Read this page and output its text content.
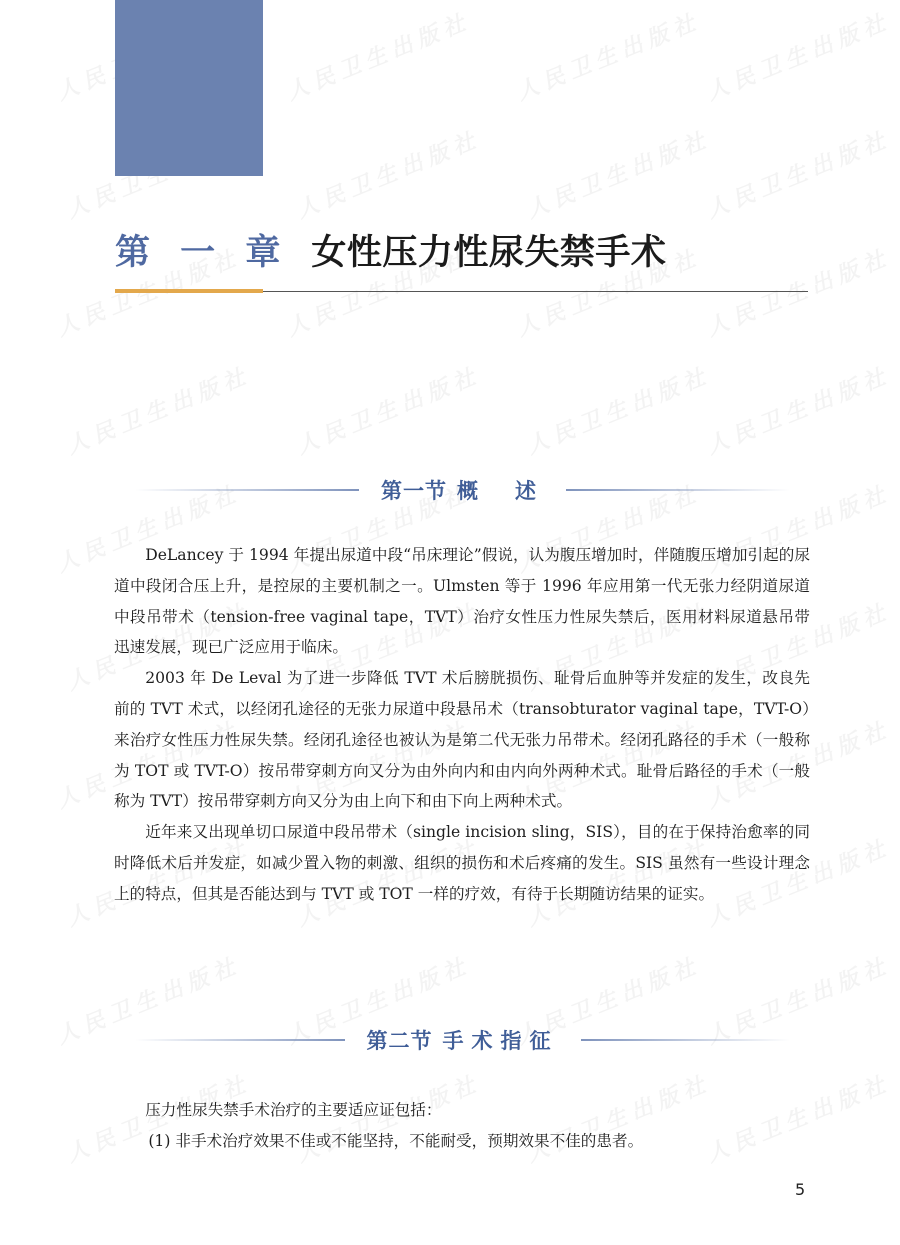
第 一 章 女性压力性尿失禁手术
第一节 概　述

DeLancey 于 1994 年提出尿道中段“吊床理论”假说，认为腹压增加时，伴随腹压增加引起的尿道中段闭合压上升，是控尿的主要机制之一。Ulmsten 等于 1996 年应用第一代无张力经阴道尿道中段吊带术（tension-free vaginal tape，TVT）治疗女性压力性尿失禁后，医用材料尿道悬吊带迅速发展，现已广泛应用于临床。

2003 年 De Leval 为了进一步降低 TVT 术后膀胱损伤、耻骨后血肿等并发症的发生，改良先前的 TVT 术式，以经闭孔途径的无张力尿道中段悬吊术（transobturator vaginal tape，TVT-O）来治疗女性压力性尿失禁。经闭孔途径也被认为是第二代无张力吊带术。经闭孔路径的手术（一般称为 TOT 或 TVT-O）按吊带穿刺方向又分为由外向内和由内向外两种术式。耻骨后路径的手术（一般称为 TVT）按吊带穿刺方向又分为由上向下和由下向上两种术式。

近年来又出现单切口尿道中段吊带术（single incision sling，SIS），目的在于保持治愈率的同时降低术后并发症，如减少置入物的刺激、组织的损伤和术后疼痛的发生。SIS 虽然有一些设计理念上的特点，但其是否能达到与 TVT 或 TOT 一样的疗效，有待于长期随访结果的证实。

第二节 手术指征

压力性尿失禁手术治疗的主要适应证包括：

(1) 非手术治疗效果不佳或不能坚持，不能耐受，预期效果不佳的患者。

5
